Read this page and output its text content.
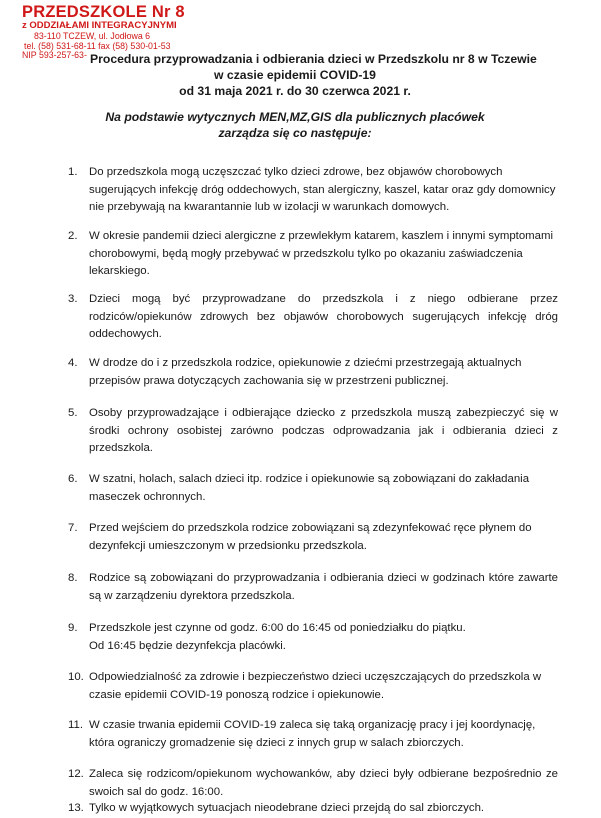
PRZEDSZKOLE Nr 8
z ODDZIAŁAMI INTEGRACYJNYMI
83-110 TCZEW, ul. Jodłowa 6
tel. (58) 531-68-11 fax (58) 530-01-53
NIP 593-257-63- Procedura przyprowadzania i odbierania dzieci w Przedszkolu nr 8 w Tczewie
w czasie epidemii COVID-19
od 31 maja 2021 r. do 30 czerwca 2021 r.
Na podstawie wytycznych MEN,MZ,GIS dla publicznych placówek
zarządza się co następuje:
1. Do przedszkola mogą uczęszczać tylko dzieci zdrowe, bez objawów chorobowych sugerujących infekcję dróg oddechowych, stan alergiczny, kaszel, katar oraz gdy domownicy nie przebywają na kwarantannie lub w izolacji w warunkach domowych.
2. W okresie pandemii dzieci alergiczne z przewlekłym katarem, kaszlem i innymi symptomami chorobowymi, będą mogły przebywać w przedszkolu tylko po okazaniu zaświadczenia lekarskiego.
3. Dzieci mogą być przyprowadzane do przedszkola i z niego odbierane przez rodziców/opiekunów zdrowych bez objawów chorobowych sugerujących infekcję dróg oddechowych.
4. W drodze do i z przedszkola rodzice, opiekunowie z dziećmi przestrzegają aktualnych przepisów prawa dotyczących zachowania się w przestrzeni publicznej.
5. Osoby przyprowadzające i odbierające dziecko z przedszkola muszą zabezpieczyć się w środki ochrony osobistej zarówno podczas odprowadzania jak i odbierania dzieci z przedszkola.
6. W szatni, holach, salach dzieci itp. rodzice i opiekunowie są zobowiązani do zakładania maseczek ochronnych.
7. Przed wejściem do przedszkola rodzice zobowiązani są zdezynfekować ręce płynem do dezynfekcji umieszczonym w przedsionku przedszkola.
8. Rodzice są zobowiązani do przyprowadzania i odbierania dzieci w godzinach które zawarte są w zarządzeniu dyrektora przedszkola.
9. Przedszkole jest czynne od godz. 6:00 do 16:45 od poniedziałku do piątku.
Od 16:45 będzie dezynfekcja placówki.
10. Odpowiedzialność za zdrowie i bezpieczeństwo dzieci uczęszczających do przedszkola w czasie epidemii COVID-19 ponoszą rodzice i opiekunowie.
11. W czasie trwania epidemii COVID-19 zaleca się taką organizację pracy i jej koordynację, która ograniczy gromadzenie się dzieci z innych grup w salach zbiorczych.
12. Zaleca się rodzicom/opiekunom wychowanków, aby dzieci były odbierane bezpośrednio ze swoich sal do godz. 16:00.
13. Tylko w wyjątkowych sytuacjach nieodebrane dzieci przejdą do sal zbiorczych.
